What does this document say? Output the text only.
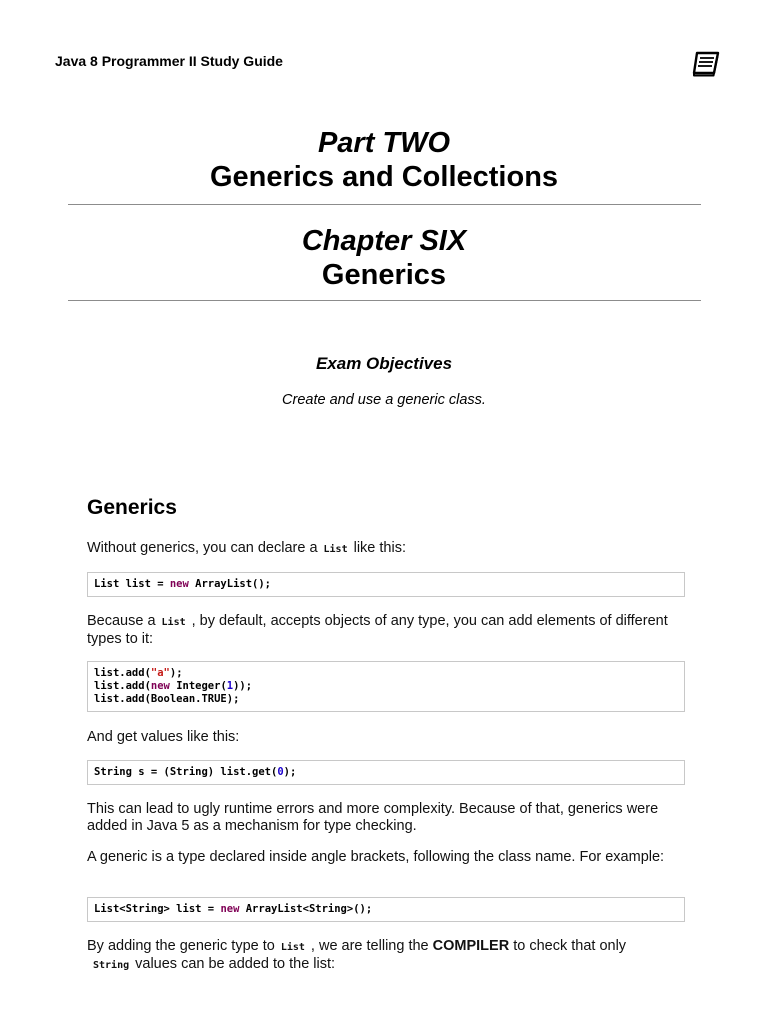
Java 8 Programmer II Study Guide
Part TWO
Generics and Collections
Chapter SIX
Generics
Exam Objectives
Create and use a generic class.
Generics
Without generics, you can declare a List like this:
List list = new ArrayList();
Because a List , by default, accepts objects of any type, you can add elements of different types to it:
list.add("a");
list.add(new Integer(1));
list.add(Boolean.TRUE);
And get values like this:
String s = (String) list.get(0);
This can lead to ugly runtime errors and more complexity. Because of that, generics were added in Java 5 as a mechanism for type checking.
A generic is a type declared inside angle brackets, following the class name. For example:
List<String> list = new ArrayList<String>();
By adding the generic type to List , we are telling the COMPILER to check that only
String values can be added to the list:
